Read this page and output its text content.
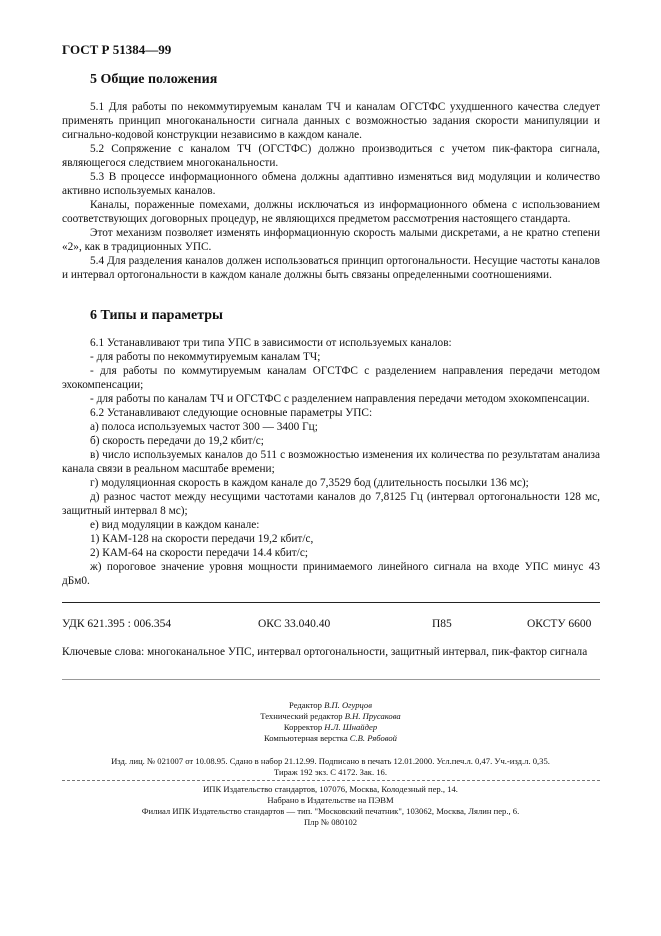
ГОСТ Р 51384—99
5 Общие положения

5.1 Для работы по некоммутируемым каналам ТЧ и каналам ОГСТФС ухудшенного качества следует применять принцип многоканальности сигнала данных с возможностью задания скорости манипуляции и сигнально-кодовой конструкции независимо в каждом канале.

5.2 Сопряжение с каналом ТЧ (ОГСТФС) должно производиться с учетом пик-фактора сигнала, являющегося следствием многоканальности.

5.3 В процессе информационного обмена должны адаптивно изменяться вид модуляции и количество активно используемых каналов.

Каналы, пораженные помехами, должны исключаться из информационного обмена с использованием соответствующих договорных процедур, не являющихся предметом рассмотрения настоящего стандарта.

Этот механизм позволяет изменять информационную скорость малыми дискретами, а не кратно степени «2», как в традиционных УПС.

5.4 Для разделения каналов должен использоваться принцип ортогональности. Несущие частоты каналов и интервал ортогональности в каждом канале должны быть связаны определенными соотношениями.

6 Типы и параметры

6.1 Устанавливают три типа УПС в зависимости от используемых каналов:

- для работы по некоммутируемым каналам ТЧ;

- для работы по коммутируемым каналам ОГСТФС с разделением направления передачи методом эхокомпенсации;

- для работы по каналам ТЧ и ОГСТФС с разделением направления передачи методом эхокомпенсации.

6.2 Устанавливают следующие основные параметры УПС:

а) полоса используемых частот 300 — 3400 Гц;

б) скорость передачи до 19,2 кбит/с;

в) число используемых каналов до 511 с возможностью изменения их количества по результатам анализа канала связи в реальном масштабе времени;

г) модуляционная скорость в каждом канале до 7,3529 бод (длительность посылки 136 мс);

д) разнос частот между несущими частотами каналов до 7,8125 Гц (интервал ортогональности 128 мс, защитный интервал 8 мс);

е) вид модуляции в каждом канале:

1) КАМ-128 на скорости передачи 19,2 кбит/с,

2) КАМ-64 на скорости передачи 14.4 кбит/с;

ж) пороговое значение уровня мощности принимаемого линейного сигнала на входе УПС минус 43 дБм0.

УДК 621.395 : 006.354	ОКС 33.040.40	П85	ОКСТУ 6600
Ключевые слова: многоканальное УПС, интервал ортогональности, защитный интервал, пик-фактор сигнала
Редактор В.П. Огурцов
Технический редактор В.Н. Прусакова
Корректор Н.Л. Шнайдер
Компьютерная верстка С.В. Рябовой
Изд. лиц. № 021007 от 10.08.95. Сдано в набор 21.12.99. Подписано в печать 12.01.2000. Усл.печ.л. 0,47. Уч.-изд.л. 0,35.
Тираж 192 экз. С 4172. Зак. 16.
ИПК Издательство стандартов, 107076, Москва, Колодезный пер., 14.
Набрано в Издательстве на ПЭВМ
Филиал ИПК Издательство стандартов — тип. "Московский печатник", 103062, Москва, Лялин пер., 6.
Плр № 080102
